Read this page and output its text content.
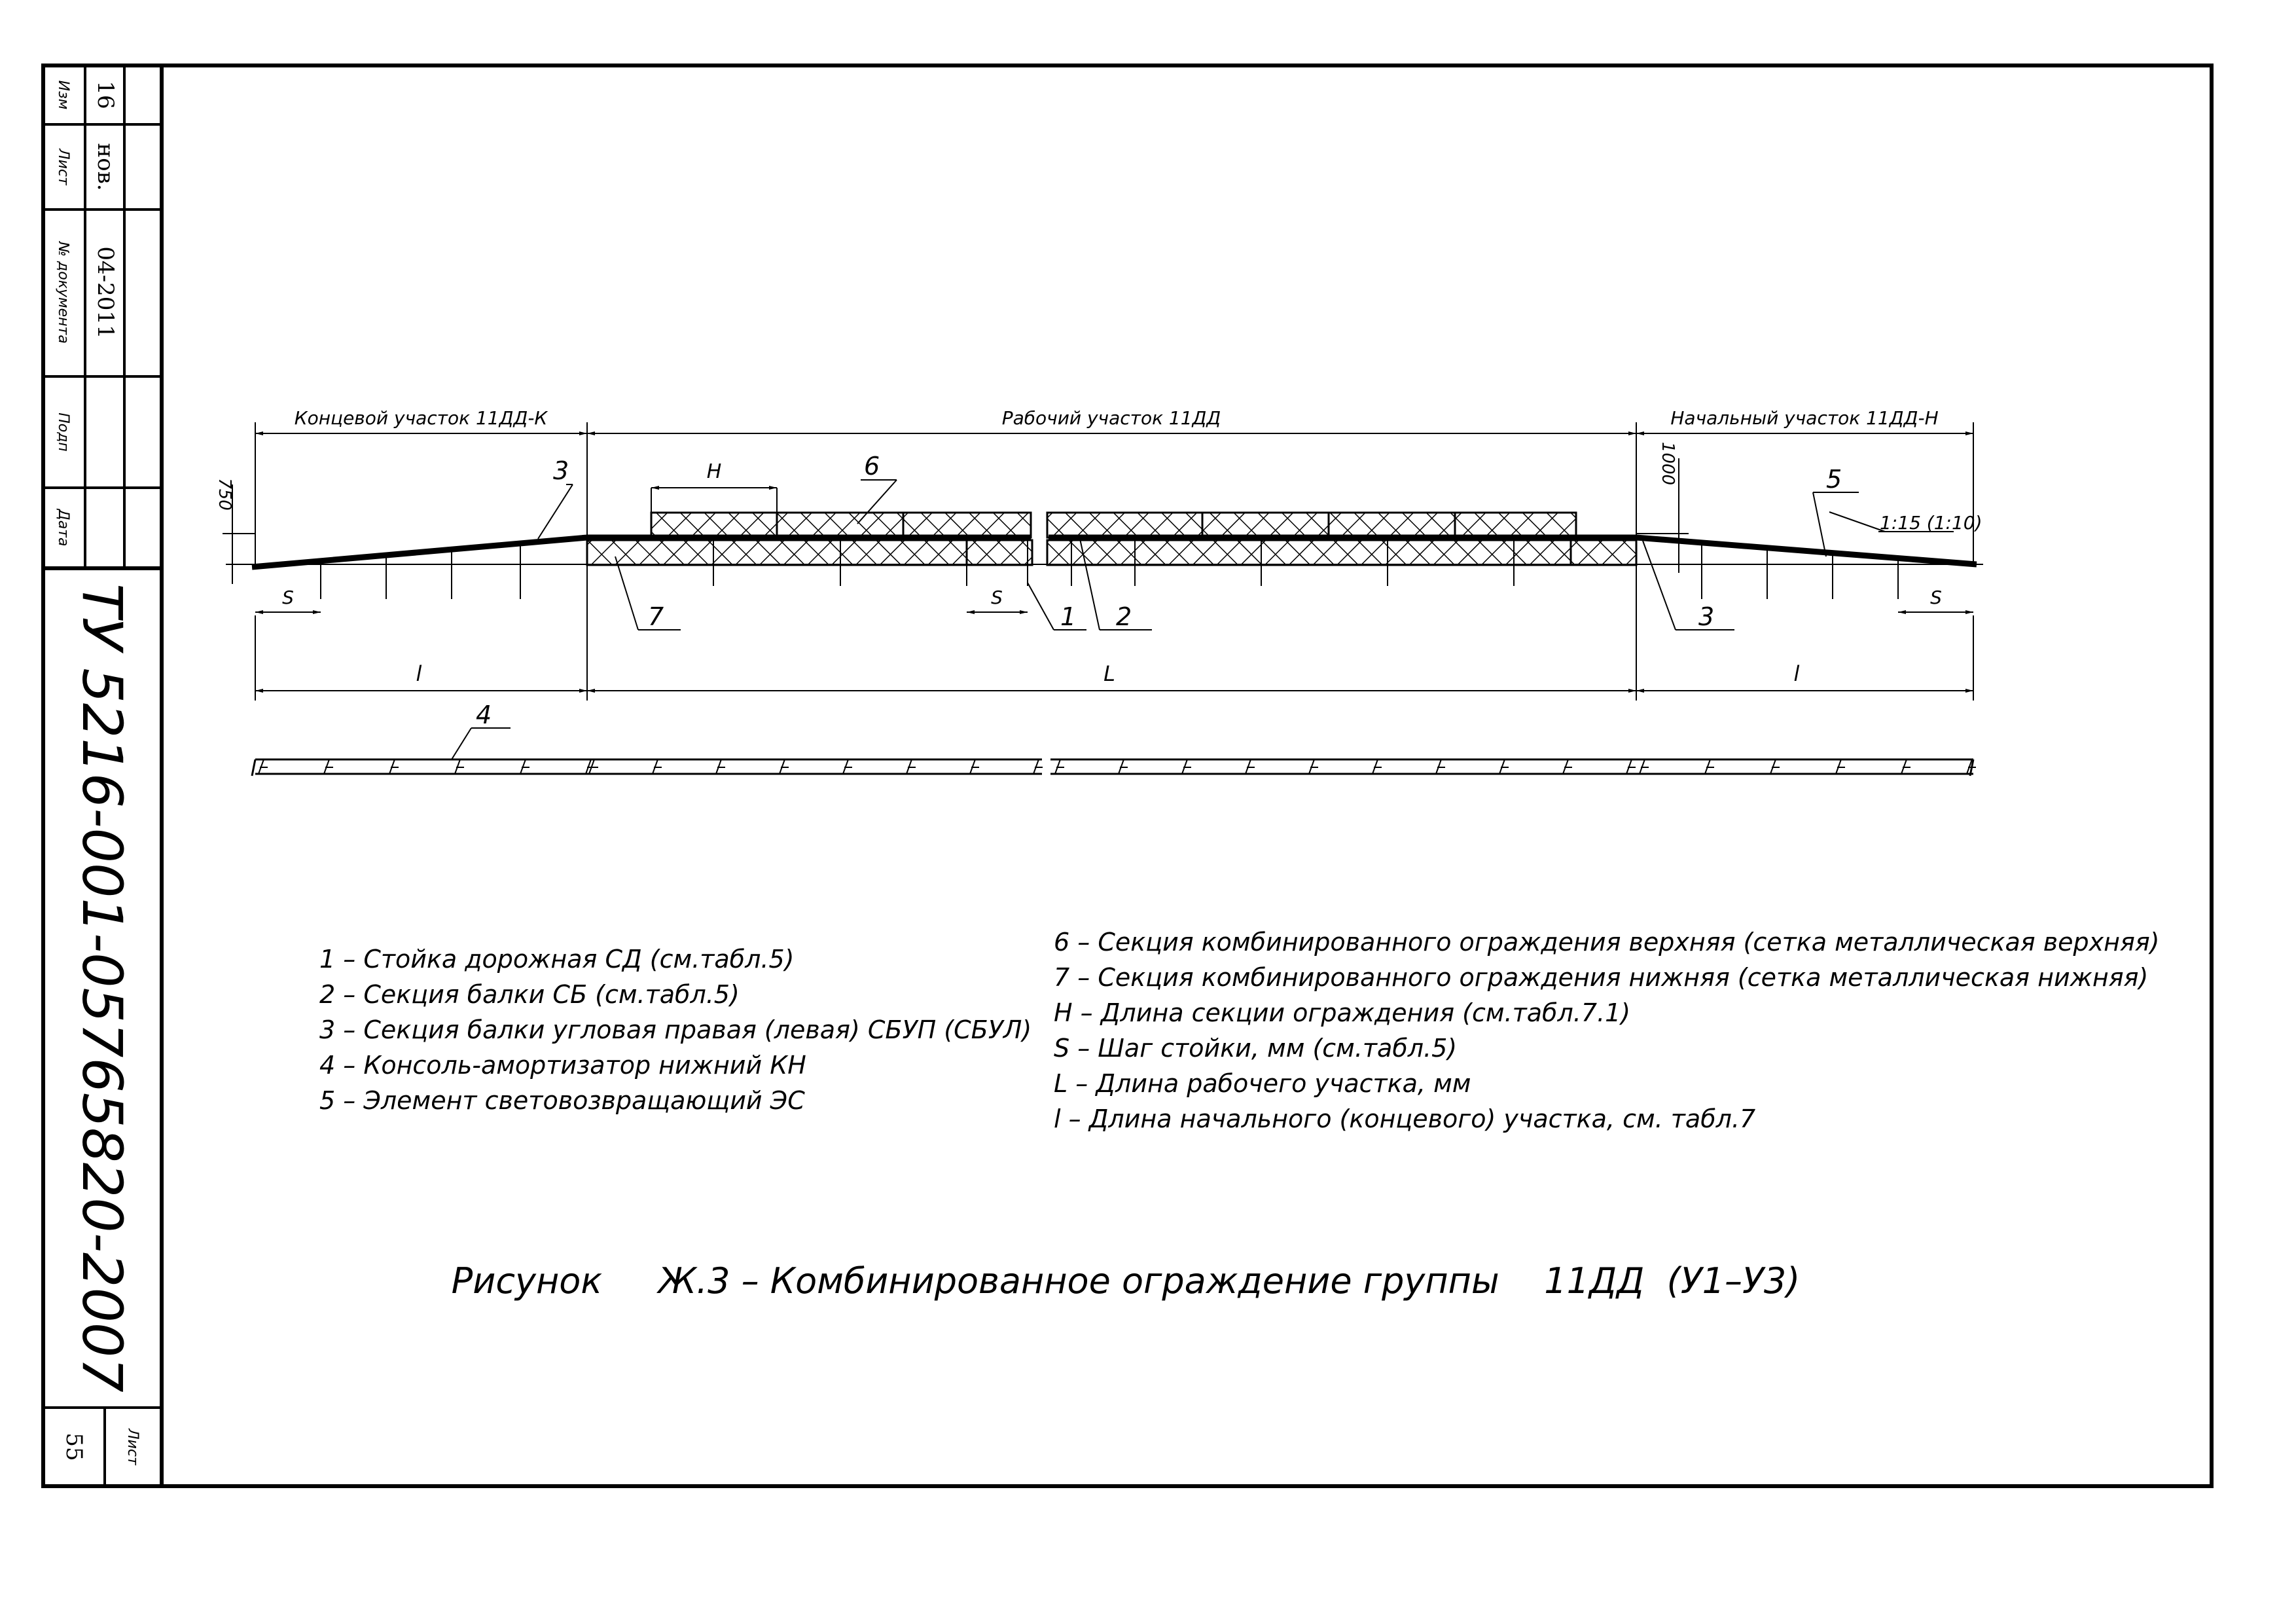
Изм
Лист
№ документа
Подп
Дата
16
нов.
04-2011
ТУ 5216-001-05765820-2007
55	Лист
Концевой участок 11ДД-К	Рабочий участок 11ДД	Начальный участок 11ДД-Н
750
1000
S	S	S
H
l	L	l
1:15 (1:10)
3	6
7	1 2	3
5
4
1 – Стойка дорожная СД (см.табл.5)
2 – Секция балки СБ (см.табл.5)
3 – Секция балки угловая правая (левая) СБУП (СБУЛ)
4 – Консоль-амортизатор нижний КН
5 – Элемент световозвращающий ЭС
6 – Секция комбинированного ограждения верхняя (сетка металлическая верхняя)
7 – Секция комбинированного ограждения нижняя (сетка металлическая нижняя)
Н – Длина секции ограждения (см.табл.7.1)
S – Шаг стойки, мм (см.табл.5)
L – Длина рабочего участка, мм
l – Длина начального (концевого) участка, см. табл.7
Рисунок     Ж.3 – Комбинированное ограждение группы    11ДД  (У1–У3)
